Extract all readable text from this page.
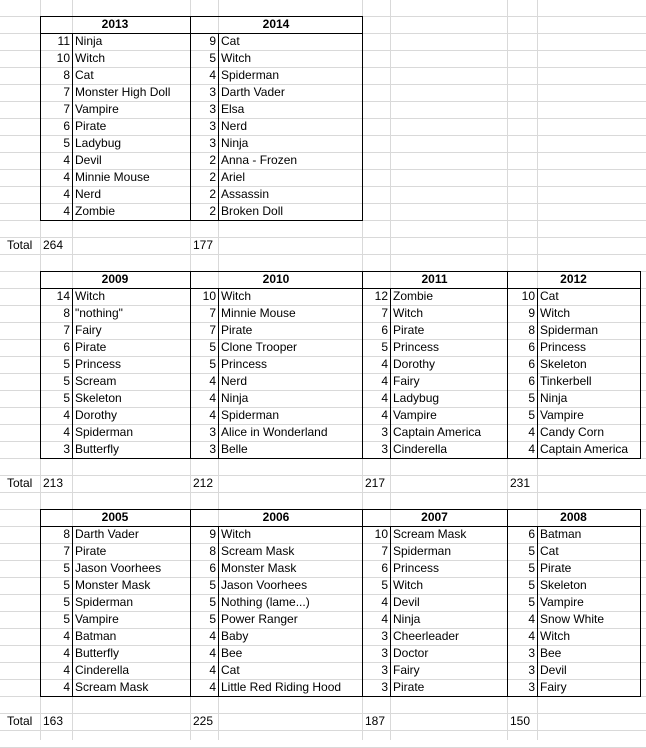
2013
11 Ninja
10 Witch
8 Cat
7 Monster High Doll
7 Vampire
6 Pirate
5 Ladybug
4 Devil
4 Minnie Mouse
4 Nerd
4 Zombie
264
2014
9 Cat
5 Witch
4 Spiderman
3 Darth Vader
3 Elsa
3 Nerd
3 Ninja
2 Anna - Frozen
2 Ariel
2 Assassin
2 Broken Doll
177
Total
2009
14 Witch
8 "nothing"
7 Fairy
6 Pirate
5 Princess
5 Scream
5 Skeleton
4 Dorothy
4 Spiderman
3 Butterfly
213
2010
10 Witch
7 Minnie Mouse
7 Pirate
5 Clone Trooper
5 Princess
4 Nerd
4 Ninja
4 Spiderman
3 Alice in Wonderland
3 Belle
212
2011
12 Zombie
7 Witch
6 Pirate
5 Princess
4 Dorothy
4 Fairy
4 Ladybug
4 Vampire
3 Captain America
3 Cinderella
217
2012
10 Cat
9 Witch
8 Spiderman
6 Princess
6 Skeleton
6 Tinkerbell
5 Ninja
5 Vampire
4 Candy Corn
4 Captain America
231
Total
2005
8 Darth Vader
7 Pirate
5 Jason Voorhees
5 Monster Mask
5 Spiderman
5 Vampire
4 Batman
4 Butterfly
4 Cinderella
4 Scream Mask
163
2006
9 Witch
8 Scream Mask
6 Monster Mask
5 Jason Voorhees
5 Nothing (lame...)
5 Power Ranger
4 Baby
4 Bee
4 Cat
4 Little Red Riding Hood
225
2007
10 Scream Mask
7 Spiderman
6 Princess
5 Witch
4 Devil
4 Ninja
3 Cheerleader
3 Doctor
3 Fairy
3 Pirate
187
2008
6 Batman
5 Cat
5 Pirate
5 Skeleton
5 Vampire
4 Snow White
4 Witch
3 Bee
3 Devil
3 Fairy
150
Total
